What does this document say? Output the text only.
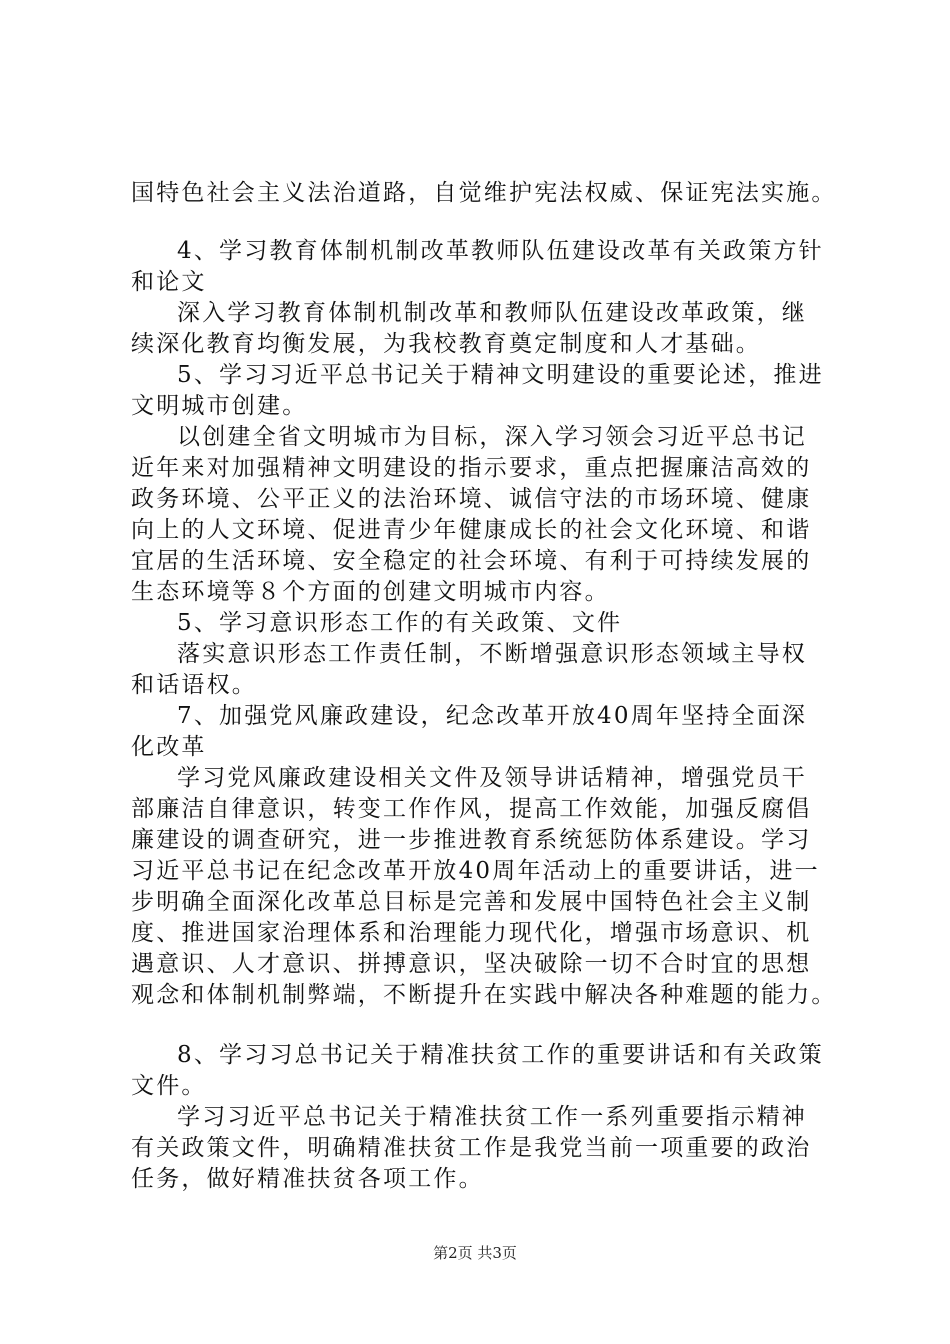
国特色社会主义法治道路，自觉维护宪法权威、保证宪法实施。
4、学习教育体制机制改革教师队伍建设改革有关政策方针
和论文
深入学习教育体制机制改革和教师队伍建设改革政策，继
续深化教育均衡发展，为我校教育奠定制度和人才基础。
5、学习习近平总书记关于精神文明建设的重要论述，推进
文明城市创建。
以创建全省文明城市为目标，深入学习领会习近平总书记
近年来对加强精神文明建设的指示要求，重点把握廉洁高效的
政务环境、公平正义的法治环境、诚信守法的市场环境、健康
向上的人文环境、促进青少年健康成长的社会文化环境、和谐
宜居的生活环境、安全稳定的社会环境、有利于可持续发展的
生态环境等８个方面的创建文明城市内容。
5、学习意识形态工作的有关政策、文件
落实意识形态工作责任制，不断增强意识形态领域主导权
和话语权。
7、加强党风廉政建设，纪念改革开放40周年坚持全面深
化改革
学习党风廉政建设相关文件及领导讲话精神，增强党员干
部廉洁自律意识，转变工作作风，提高工作效能，加强反腐倡
廉建设的调查研究，进一步推进教育系统惩防体系建设。学习
习近平总书记在纪念改革开放40周年活动上的重要讲话，进一
步明确全面深化改革总目标是完善和发展中国特色社会主义制
度、推进国家治理体系和治理能力现代化，增强市场意识、机
遇意识、人才意识、拼搏意识，坚决破除一切不合时宜的思想
观念和体制机制弊端，不断提升在实践中解决各种难题的能力。
8、学习习总书记关于精准扶贫工作的重要讲话和有关政策
文件。
学习习近平总书记关于精准扶贫工作一系列重要指示精神
有关政策文件，明确精准扶贫工作是我党当前一项重要的政治
任务，做好精准扶贫各项工作。
第2页 共3页
